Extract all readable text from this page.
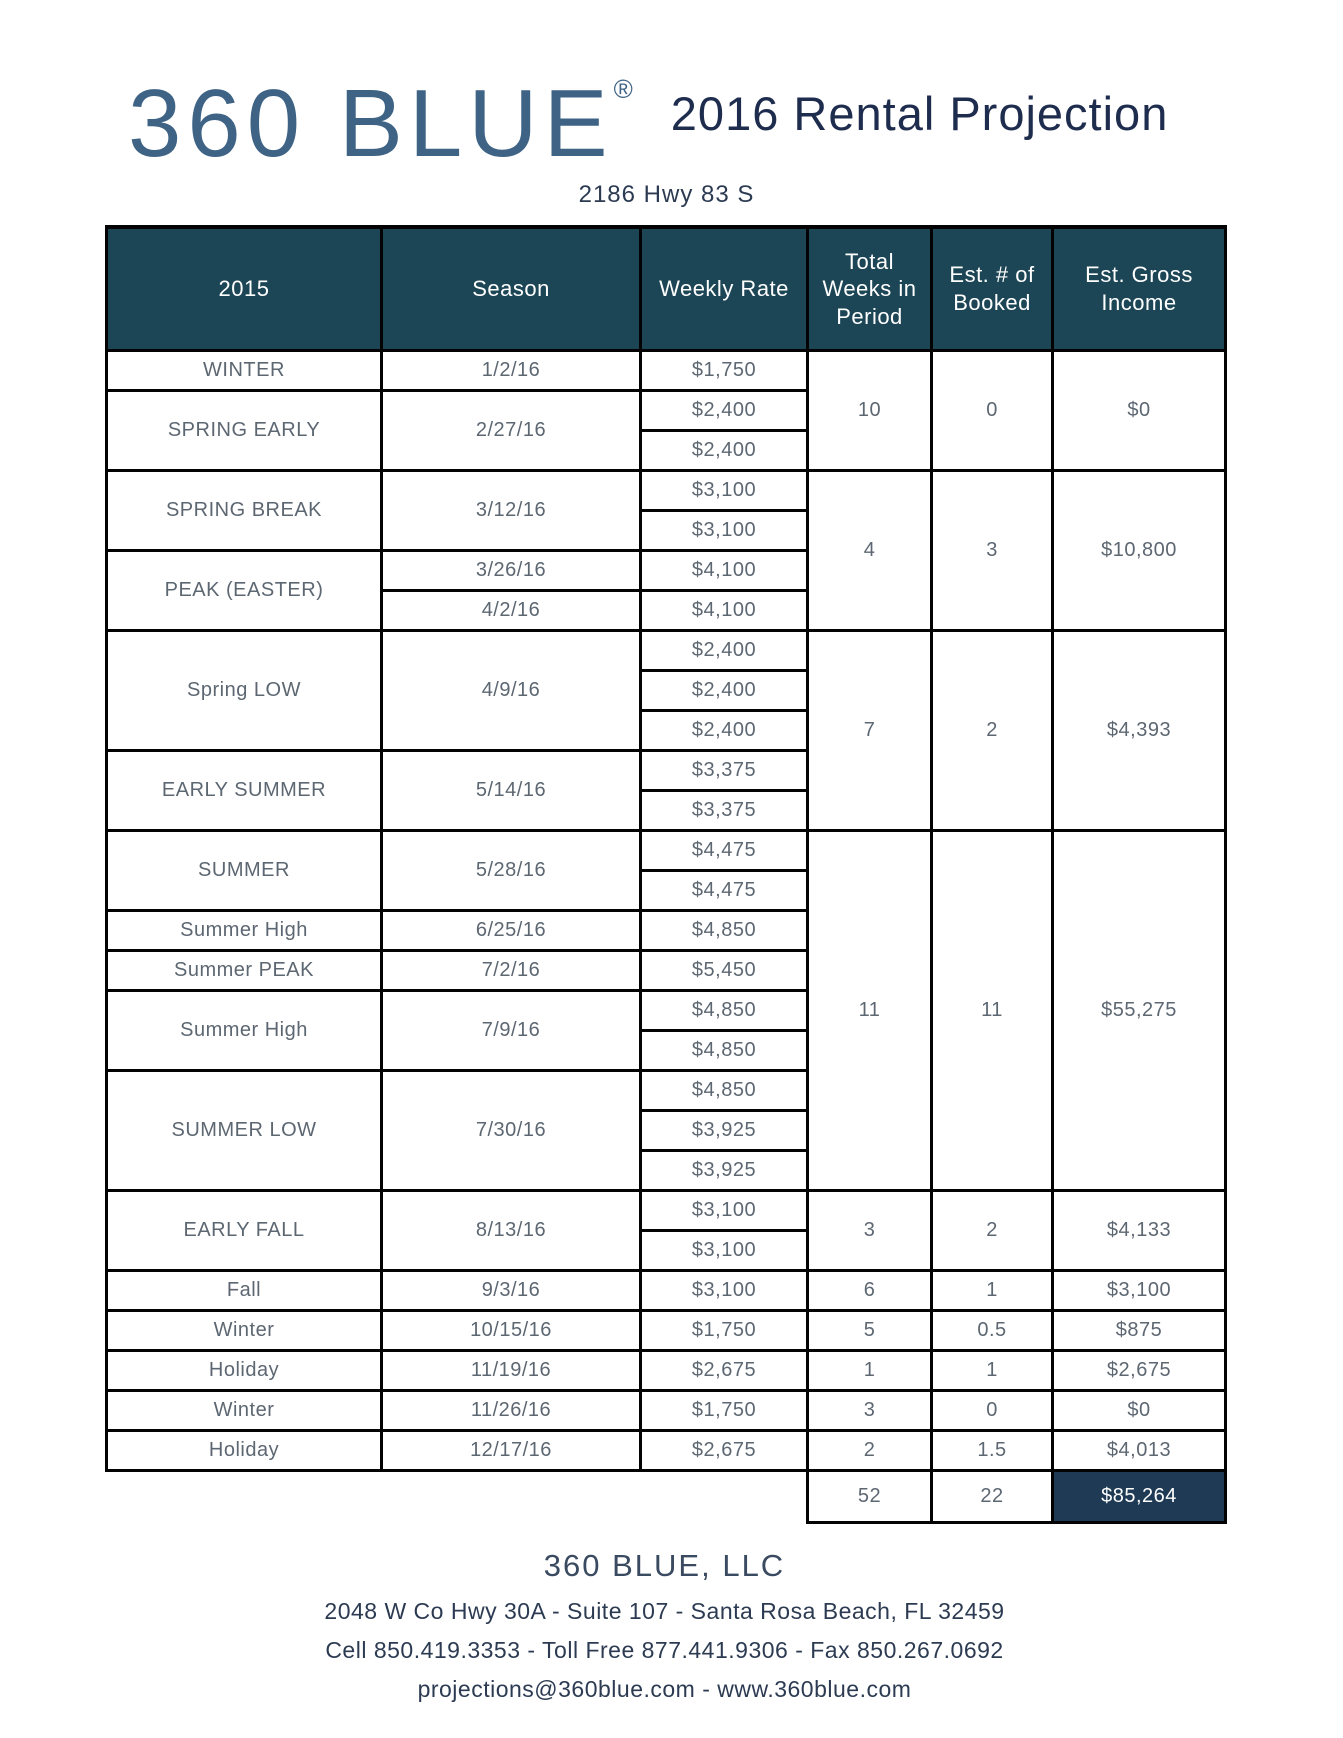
360 BLUE® 2016 Rental Projection
2186 Hwy 83 S
2015	Season	Weekly Rate	Total Weeks in Period	Est. # of Booked	Est. Gross Income
WINTER	1/2/16	$1,750	10	0	$0
SPRING EARLY	2/27/16	$2,400			
		$2,400			
SPRING BREAK	3/12/16	$3,100	4	3	$10,800
		$3,100			
PEAK (EASTER)	3/26/16	$4,100			
	4/2/16	$4,100			
Spring LOW	4/9/16	$2,400	7	2	$4,393
		$2,400			
		$2,400			
EARLY SUMMER	5/14/16	$3,375			
		$3,375			
SUMMER	5/28/16	$4,475	11	11	$55,275
		$4,475			
Summer High	6/25/16	$4,850			
Summer PEAK	7/2/16	$5,450			
Summer High	7/9/16	$4,850			
		$4,850			
SUMMER LOW	7/30/16	$4,850			
		$3,925			
		$3,925			
EARLY FALL	8/13/16	$3,100	3	2	$4,133
		$3,100			
Fall	9/3/16	$3,100	6	1	$3,100
Winter	10/15/16	$1,750	5	0.5	$875
Holiday	11/19/16	$2,675	1	1	$2,675
Winter	11/26/16	$1,750	3	0	$0
Holiday	12/17/16	$2,675	2	1.5	$4,013
			52	22	$85,264
360 BLUE, LLC
2048 W Co Hwy 30A - Suite 107 - Santa Rosa Beach, FL 32459
Cell 850.419.3353 - Toll Free 877.441.9306 - Fax 850.267.0692
projections@360blue.com - www.360blue.com
